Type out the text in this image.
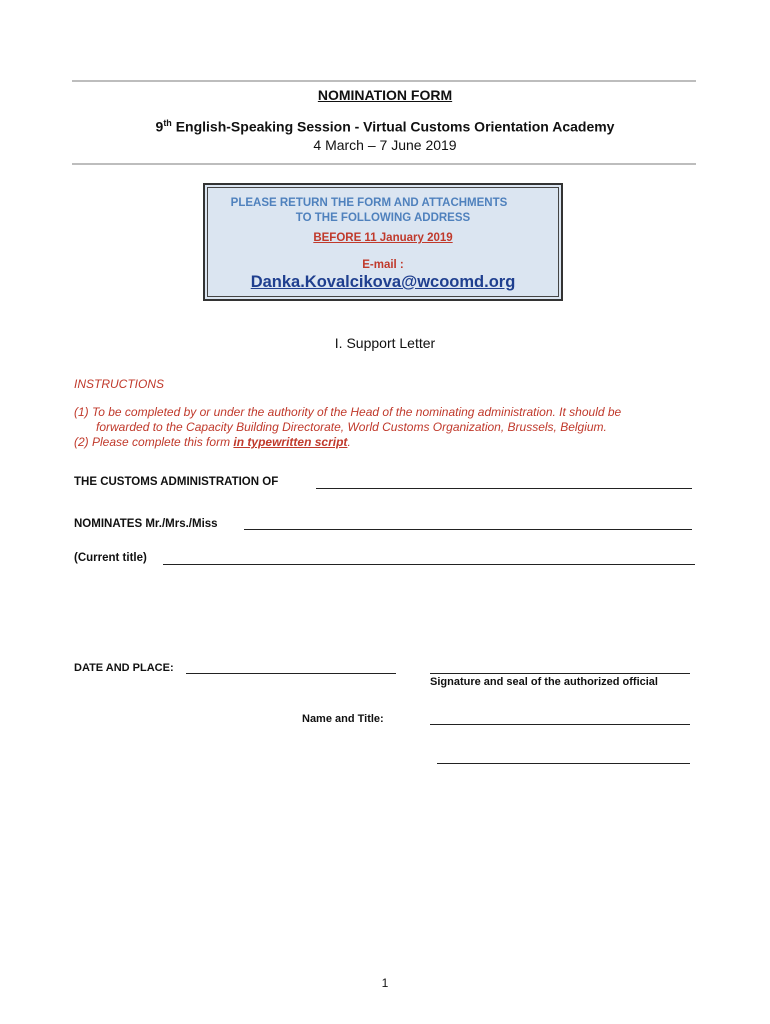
NOMINATION FORM
9th English-Speaking Session - Virtual Customs Orientation Academy
4 March – 7 June 2019
PLEASE RETURN THE FORM AND ATTACHMENTS
TO THE FOLLOWING ADDRESS
BEFORE 11 January 2019
E-mail :
Danka.Kovalcikova@wcoomd.org
I. Support Letter
INSTRUCTIONS
(1) To be completed by or under the authority of the Head of the nominating administration. It should be
forwarded to the Capacity Building Directorate, World Customs Organization, Brussels, Belgium.
(2) Please complete this form in typewritten script.
THE CUSTOMS ADMINISTRATION OF
NOMINATES Mr./Mrs./Miss
(Current title)
DATE AND PLACE:
Signature and seal of the authorized official
Name and Title:
1
